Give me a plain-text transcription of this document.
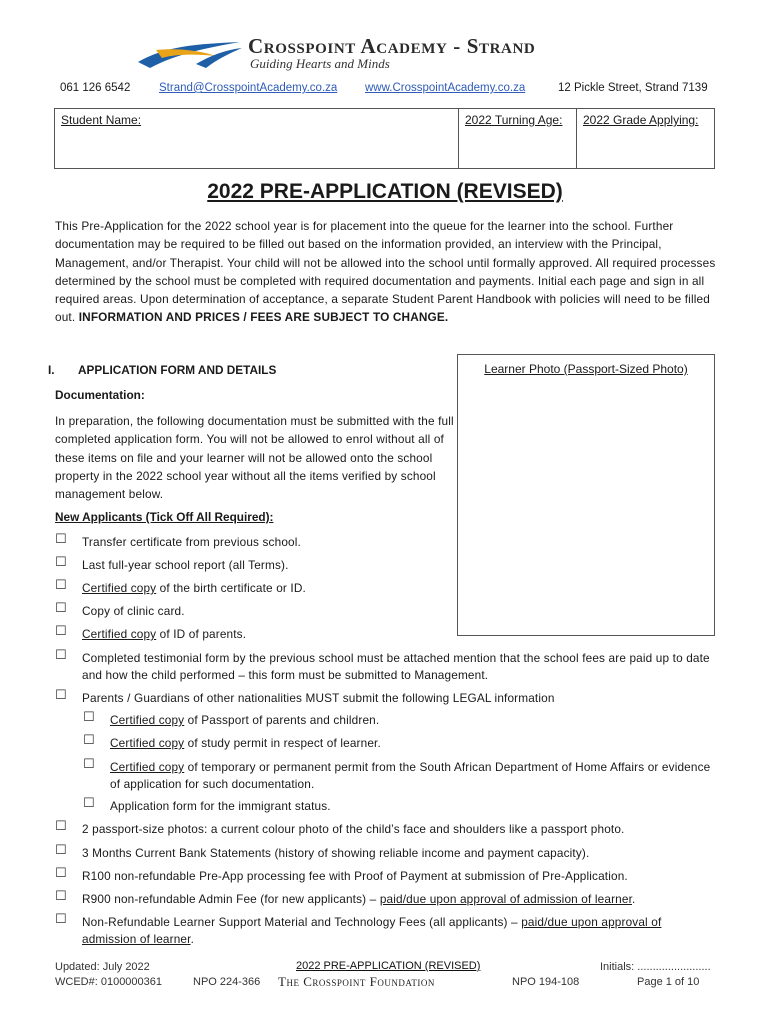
Crosspoint Academy - Strand
Guiding Hearts and Minds
061 126 6542 Strand@CrosspointAcademy.co.za www.CrosspointAcademy.co.za	12 Pickle Street, Strand 7139
Student Name:	2022 Turning Age:	2022 Grade Applying:
2022 PRE-APPLICATION (REVISED)
This Pre-Application for the 2022 school year is for placement into the queue for the learner into the school. Further documentation may be required to be filled out based on the information provided, an interview with the Principal, Management, and/or Therapist. Your child will not be allowed into the school until formally approved. All required processes determined by the school must be completed with required documentation and payments. Initial each page and sign in all required areas. Upon determination of acceptance, a separate Student Parent Handbook with policies will need to be filled out. INFORMATION AND PRICES / FEES ARE SUBJECT TO CHANGE.
I. APPLICATION FORM AND DETAILS	Learner Photo (Passport-Sized Photo)
Documentation:
In preparation, the following documentation must be submitted with the full completed application form. You will not be allowed to enrol without all of these items on file and your learner will not be allowed onto the school property in the 2022 school year without all the items verified by school management below.
New Applicants (Tick Off All Required):
☐ Transfer certificate from previous school.
☐ Last full-year school report (all Terms).
☐ Certified copy of the birth certificate or ID.
☐ Copy of clinic card.
☐ Certified copy of ID of parents.
☐ Completed testimonial form by the previous school must be attached mention that the school fees are paid up to date and how the child performed – this form must be submitted to Management.
☐ Parents / Guardians of other nationalities MUST submit the following LEGAL information
☐ Certified copy of Passport of parents and children.
☐ Certified copy of study permit in respect of learner.
☐ Certified copy of temporary or permanent permit from the South African Department of Home Affairs or evidence of application for such documentation.
☐ Application form for the immigrant status.
☐ 2 passport-size photos: a current colour photo of the child’s face and shoulders like a passport photo.
☐ 3 Months Current Bank Statements (history of showing reliable income and payment capacity).
☐ R100 non-refundable Pre-App processing fee with Proof of Payment at submission of Pre-Application.
☐ R900 non-refundable Admin Fee (for new applicants) – paid/due upon approval of admission of learner.
☐ Non-Refundable Learner Support Material and Technology Fees (all applicants) – paid/due upon approval of admission of learner.
Updated: July 2022
WCED#: 0100000361	NPO 224-366
2022 PRE-APPLICATION (REVISED)
The Crosspoint Foundation	NPO 194-108
Initials: ........................
Page 1 of 10
